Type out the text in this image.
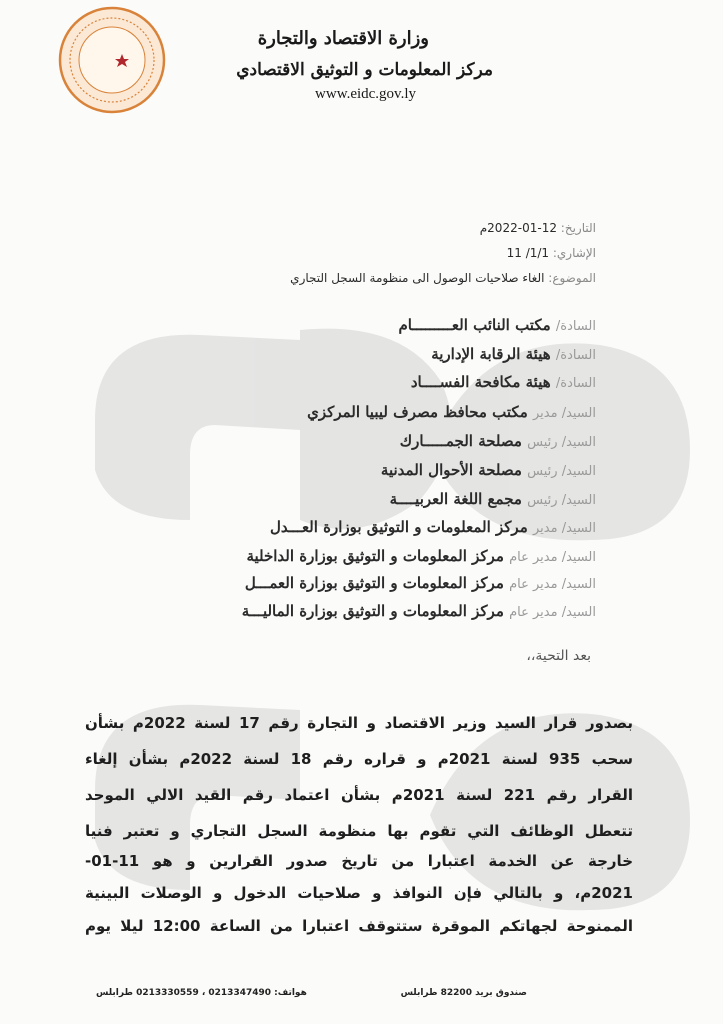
وزارة الاقتصاد والتجارة
مركز المعلومات و التوثيق الاقتصادي
www.eidc.gov.ly
التاريخ: 12-01-2022م
الإشاري: 1/1/ 11
الموضوع: الغاء صلاحيات الوصول الى منظومة السجل التجاري
السادة/ مكتب النائب العـــــــــام
السادة/ هيئة الرقابة الإدارية
السادة/ هيئة مكافحة الفســــاد
السيد/ مدير مكتب محافظ مصرف ليبيا المركزي
السيد/ رئيس مصلحة الجمـــــارك
السيد/ رئيس مصلحة الأحوال المدنية
السيد/ رئيس مجمع اللغة العربيــــة
السيد/ مدير مركز المعلومات و التوثيق بوزارة العـــدل
السيد/ مدير عام مركز المعلومات و التوثيق بوزارة الداخلية
السيد/ مدير عام مركز المعلومات و التوثيق بوزارة العمـــل
السيد/ مدير عام مركز المعلومات و التوثيق بوزارة الماليـــة
بعد التحية،،
بصدور قرار السيد وزير الاقتصاد و التجارة رقم 17 لسنة 2022م بشأن
سحب 935 لسنة 2021م و قراره رقم 18 لسنة 2022م بشأن إلغاء
القرار رقم 221 لسنة 2021م بشأن اعتماد رقم القيد الالي الموحد
تتعطل الوظائف التي تقوم بها منظومة السجل التجاري و تعتبر فنيا
خارجة عن الخدمة اعتبارا من تاريخ صدور القرارين و هو 11-01-
2021م، و بالتالي فإن النوافذ و صلاحيات الدخول و الوصلات البينية
الممنوحة لجهاتكم الموقرة ستتوقف اعتبارا من الساعة 12:00 ليلا يوم
صندوق بريد 82200 طرابلس
هواتف: 0213347490 ، 0213330559 طرابلس
